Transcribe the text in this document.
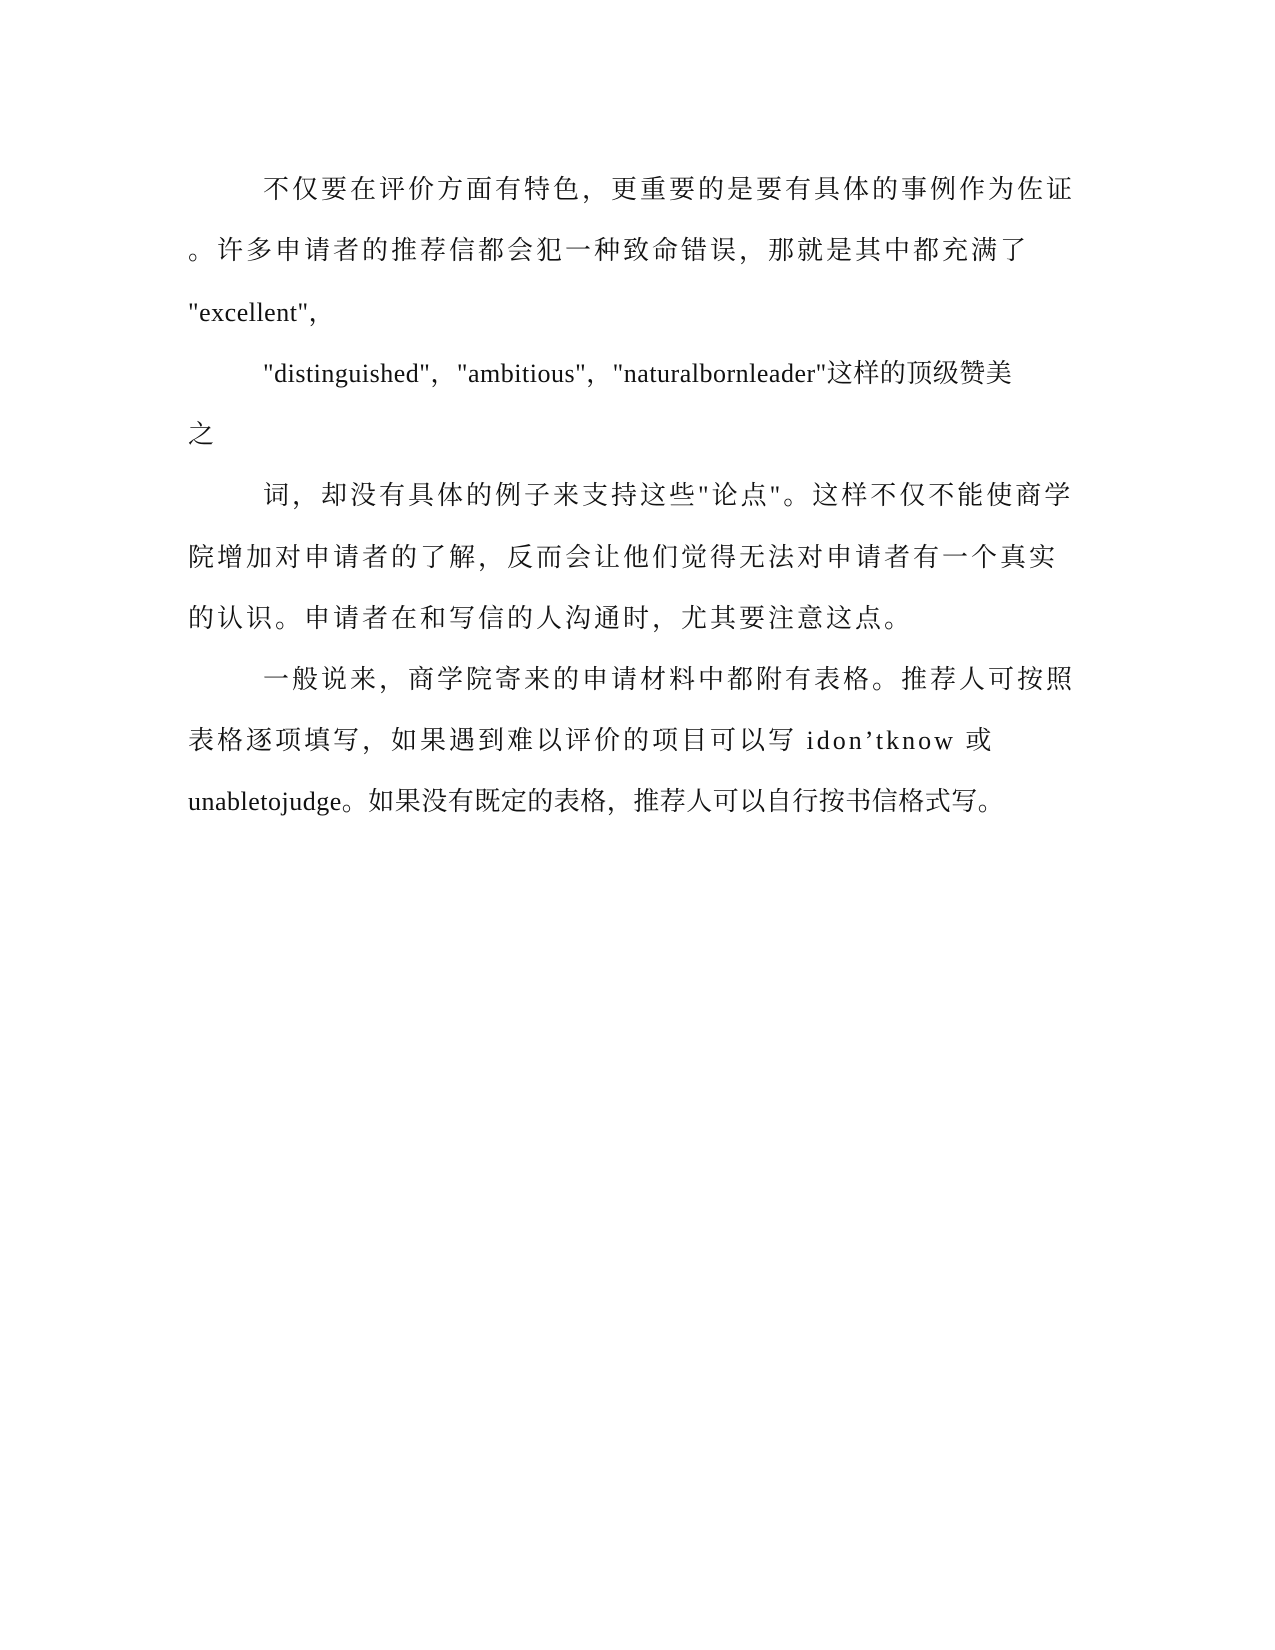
不仅要在评价方面有特色，更重要的是要有具体的事例作为佐证
。许多申请者的推荐信都会犯一种致命错误，那就是其中都充满了
"excellent"，
"distinguished"，"ambitious"，"naturalbornleader"这样的顶级赞美
之
词，却没有具体的例子来支持这些"论点"。这样不仅不能使商学
院增加对申请者的了解，反而会让他们觉得无法对申请者有一个真实
的认识。申请者在和写信的人沟通时，尤其要注意这点。
一般说来，商学院寄来的申请材料中都附有表格。推荐人可按照
表格逐项填写，如果遇到难以评价的项目可以写 idon’tknow 或
unabletojudge。如果没有既定的表格，推荐人可以自行按书信格式写。
